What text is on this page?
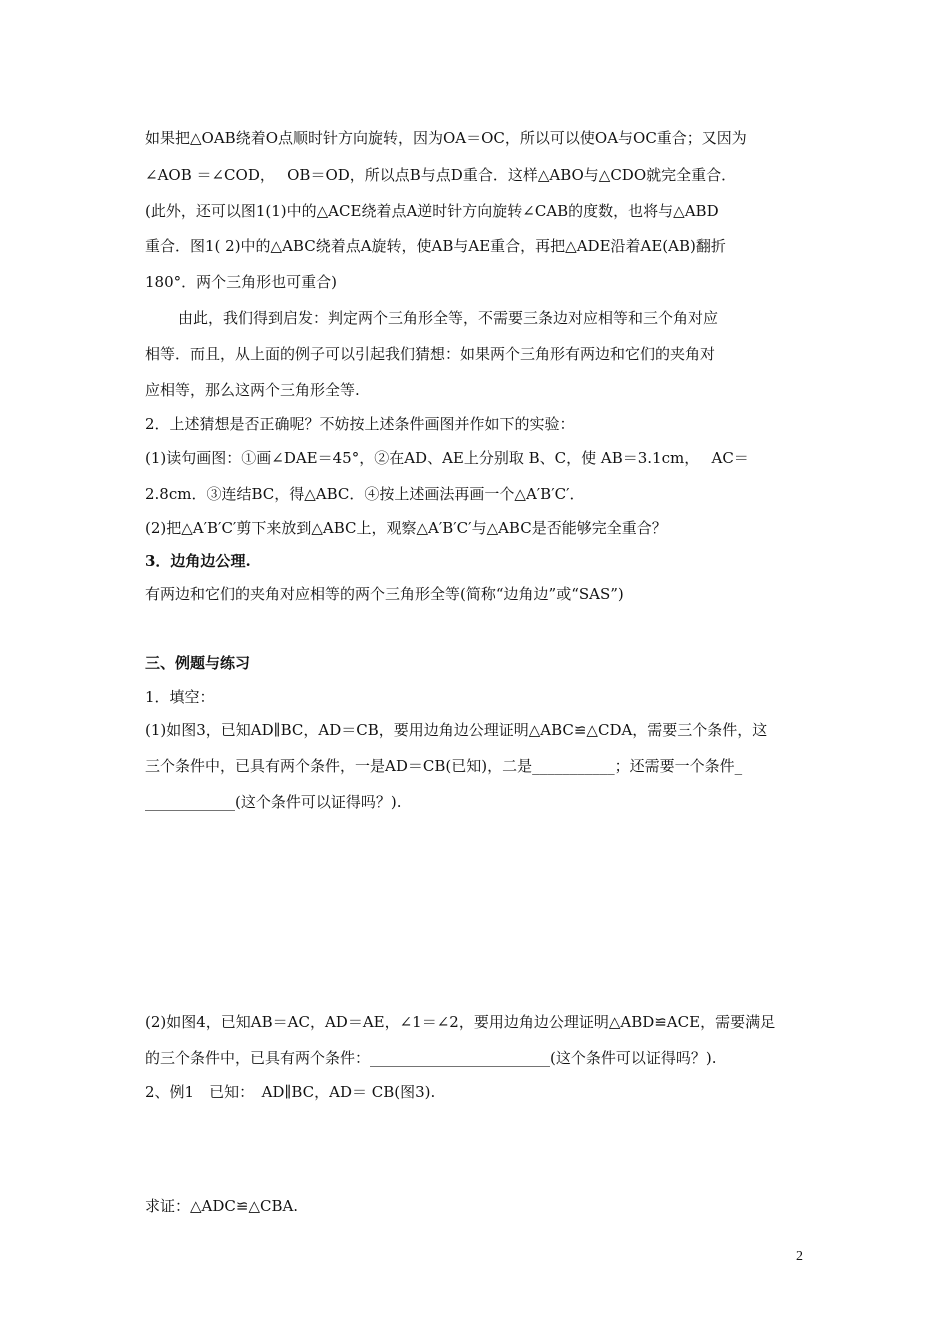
如果把△OAB绕着O点顺时针方向旋转，因为OA＝OC，所以可以使OA与OC重合；又因为
∠AOB ＝∠COD，　 OB＝OD，所以点B与点D重合．这样△ABO与△CDO就完全重合．
(此外，还可以图1(1)中的△ACE绕着点A逆时针方向旋转∠CAB的度数，也将与△ABD
重合．图1( 2)中的△ABC绕着点A旋转，使AB与AE重合，再把△ADE沿着AE(AB)翻折
180°．两个三角形也可重合)
由此，我们得到启发：判定两个三角形全等，不需要三条边对应相等和三个角对应
相等．而且，从上面的例子可以引起我们猜想：如果两个三角形有两边和它们的夹角对
应相等，那么这两个三角形全等.
2．上述猜想是否正确呢？不妨按上述条件画图并作如下的实验：
(1)读句画图：①画∠DAE＝45°，②在AD、AE上分别取 B、C，使 AB＝3.1cm，　 AC＝
2.8cm．③连结BC，得△ABC．④按上述画法再画一个△A′B′C′．
(2)把△A′B′C′剪下来放到△ABC上，观察△A′B′C′与△ABC是否能够完全重合？
3．边角边公理.
有两边和它们的夹角对应相等的两个三角形全等(简称“边角边”或“SAS”)
三、例题与练习
1．填空：
(1)如图3，已知AD∥BC，AD＝CB，要用边角边公理证明△ABC≌△CDA，需要三个条件，这
三个条件中，已具有两个条件，一是AD＝CB(已知)，二是___________；还需要一个条件_
____________(这个条件可以证得吗？).
(2)如图4，已知AB＝AC，AD＝AE，∠1＝∠2，要用边角边公理证明△ABD≌ACE，需要满足
的三个条件中，已具有两个条件：________________________(这个条件可以证得吗？).
2、例1　已知：　AD∥BC，AD＝ CB(图3).
求证：△ADC≌△CBA.
2
